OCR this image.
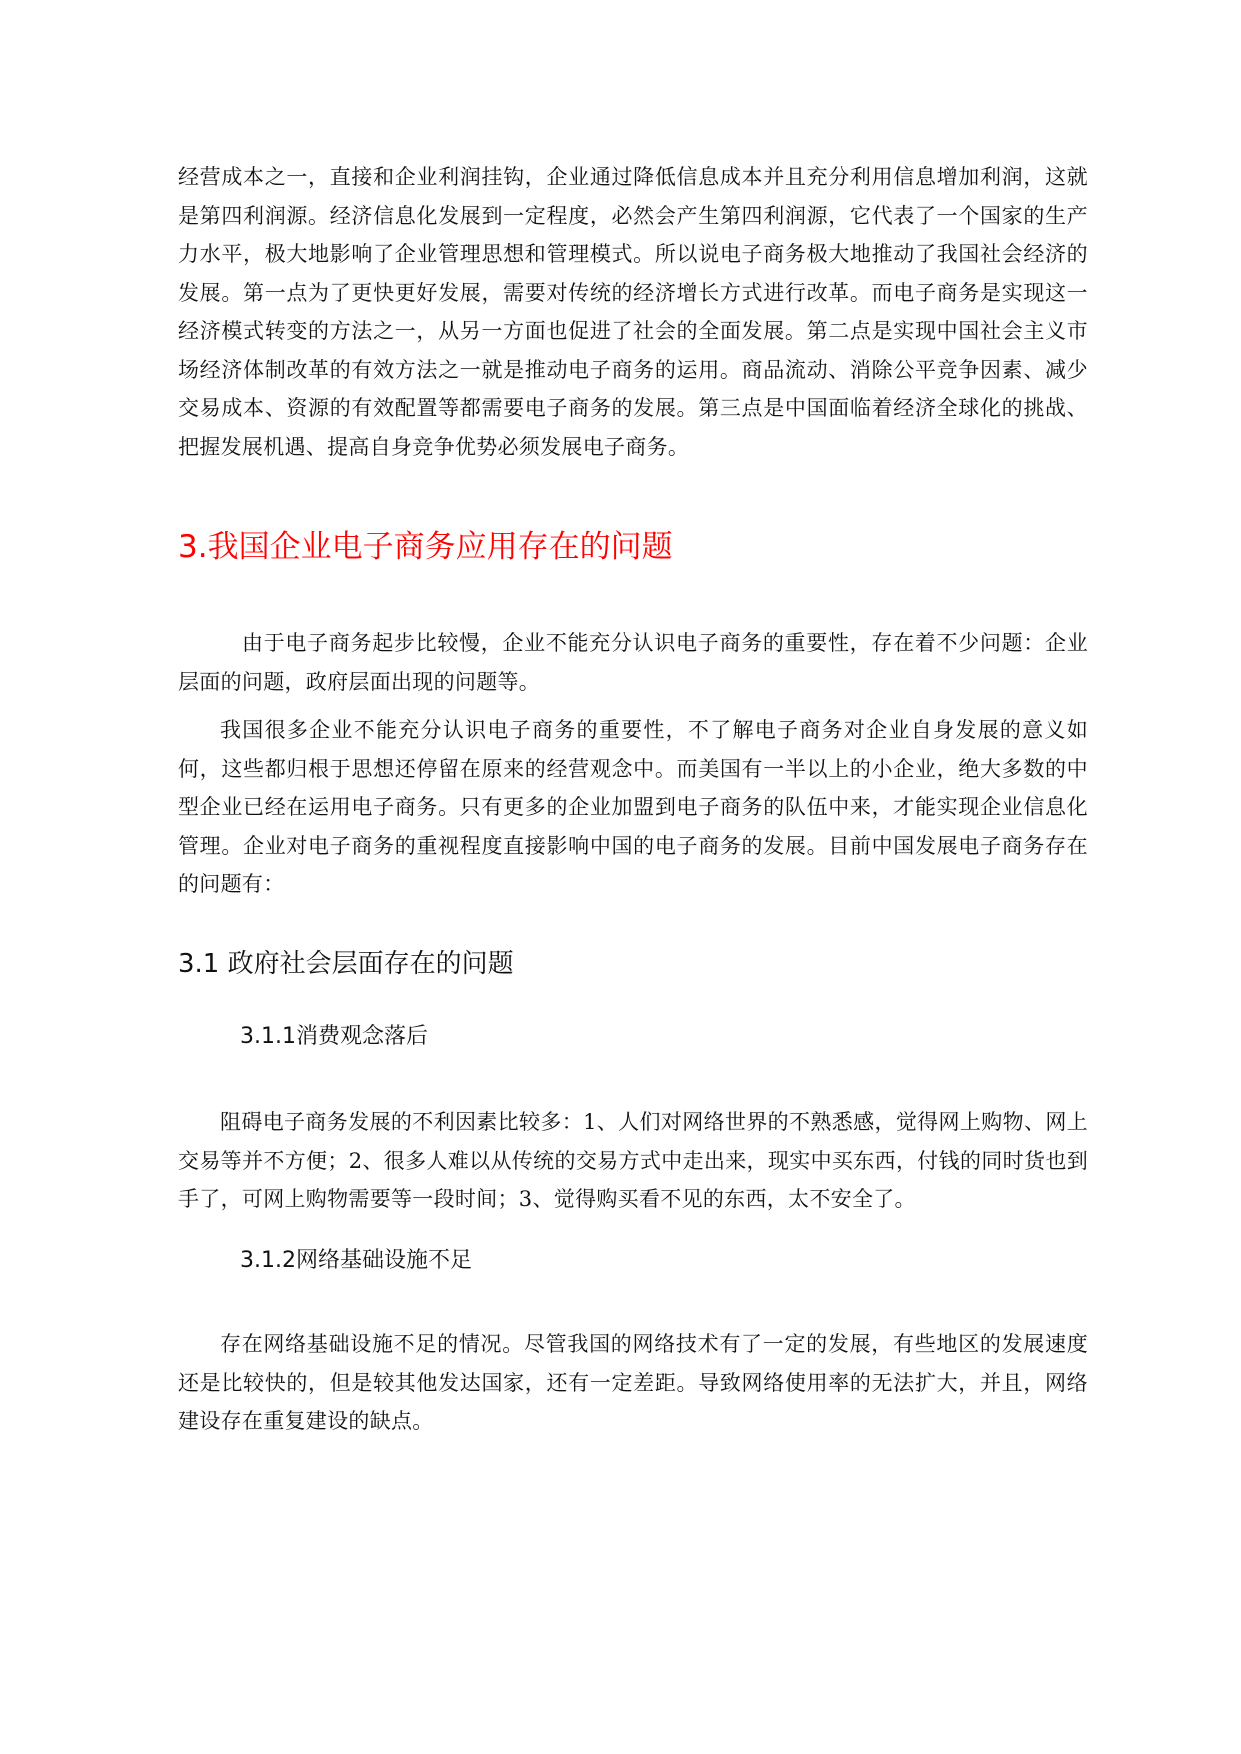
经营成本之一，直接和企业利润挂钩，企业通过降低信息成本并且充分利用信息增加利润，这就是第四利润源。经济信息化发展到一定程度，必然会产生第四利润源，它代表了一个国家的生产力水平，极大地影响了企业管理思想和管理模式。所以说电子商务极大地推动了我国社会经济的发展。第一点为了更快更好发展，需要对传统的经济增长方式进行改革。而电子商务是实现这一经济模式转变的方法之一，从另一方面也促进了社会的全面发展。第二点是实现中国社会主义市场经济体制改革的有效方法之一就是推动电子商务的运用。商品流动、消除公平竞争因素、减少交易成本、资源的有效配置等都需要电子商务的发展。第三点是中国面临着经济全球化的挑战、把握发展机遇、提高自身竞争优势必须发展电子商务。

3.我国企业电子商务应用存在的问题

由于电子商务起步比较慢，企业不能充分认识电子商务的重要性，存在着不少问题：企业层面的问题，政府层面出现的问题等。

我国很多企业不能充分认识电子商务的重要性，不了解电子商务对企业自身发展的意义如何，这些都归根于思想还停留在原来的经营观念中。而美国有一半以上的小企业，绝大多数的中型企业已经在运用电子商务。只有更多的企业加盟到电子商务的队伍中来，才能实现企业信息化管理。企业对电子商务的重视程度直接影响中国的电子商务的发展。目前中国发展电子商务存在的问题有：

3.1 政府社会层面存在的问题
3.1.1消费观念落后

阻碍电子商务发展的不利因素比较多：1、人们对网络世界的不熟悉感，觉得网上购物、网上交易等并不方便；2、很多人难以从传统的交易方式中走出来，现实中买东西，付钱的同时货也到手了，可网上购物需要等一段时间；3、觉得购买看不见的东西，太不安全了。

3.1.2网络基础设施不足

存在网络基础设施不足的情况。尽管我国的网络技术有了一定的发展，有些地区的发展速度还是比较快的，但是较其他发达国家，还有一定差距。导致网络使用率的无法扩大，并且，网络建设存在重复建设的缺点。
